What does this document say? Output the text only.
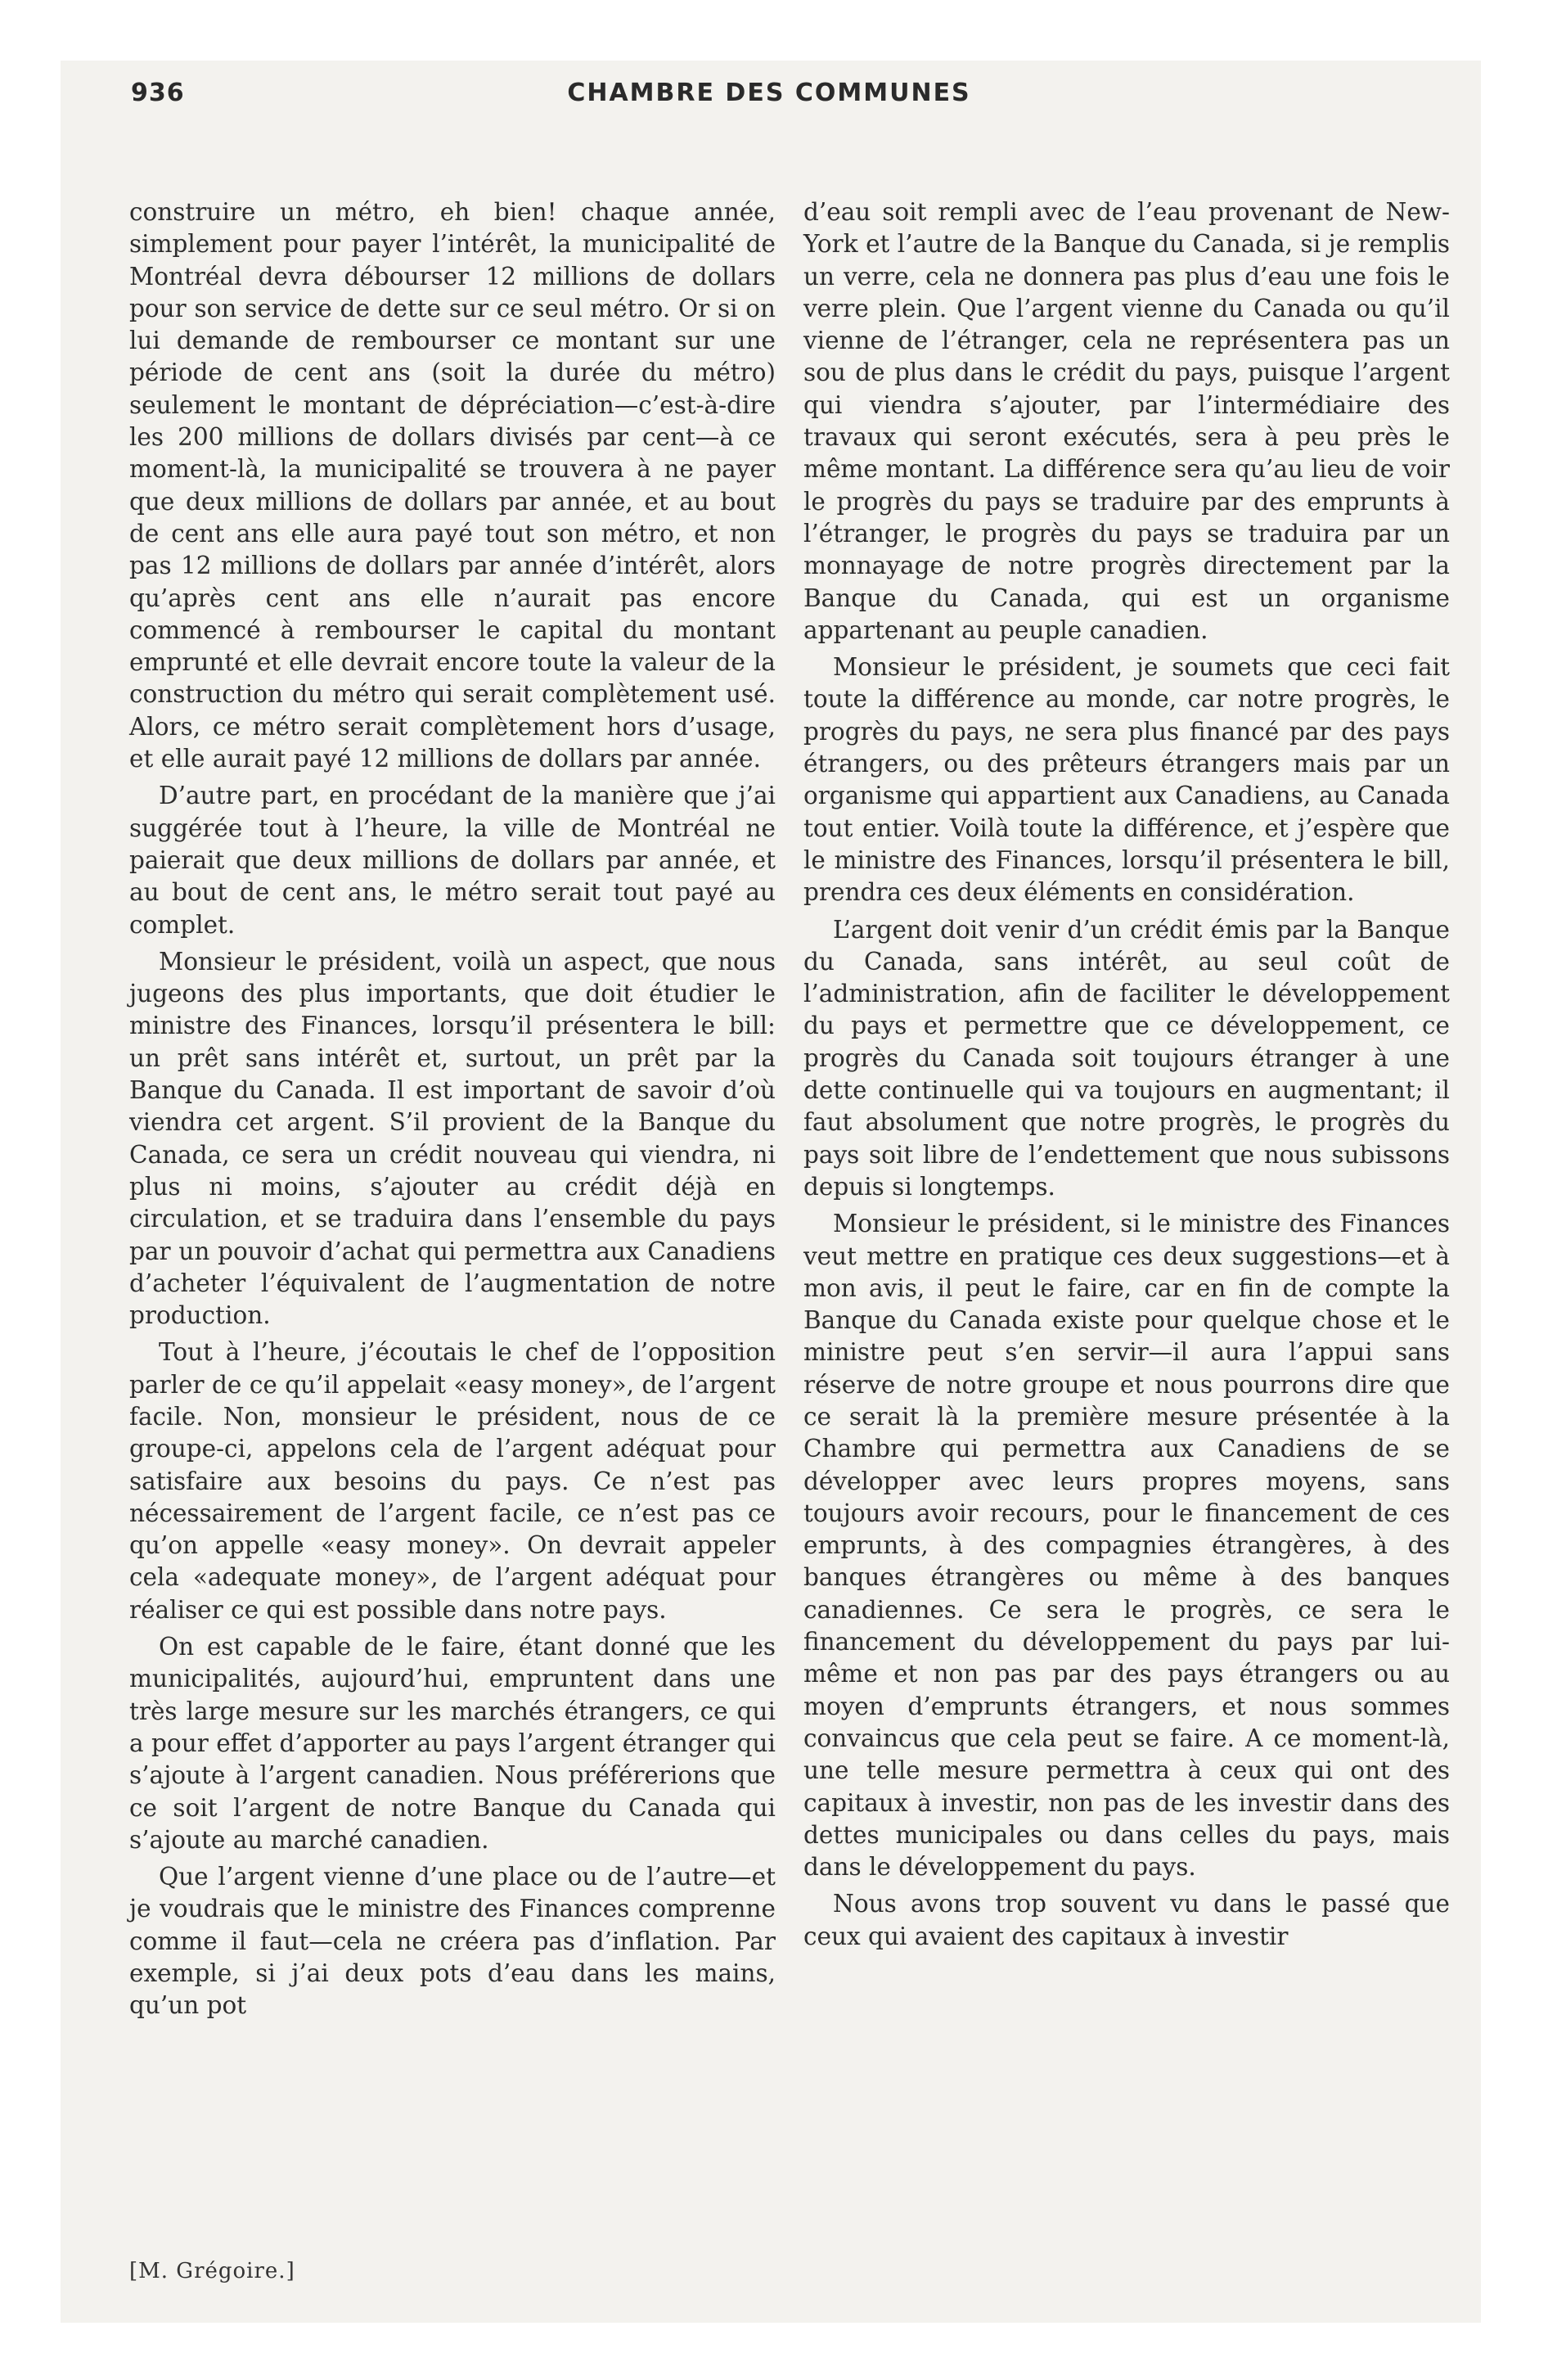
936	CHAMBRE DES COMMUNES

construire un métro, eh bien! chaque année, simplement pour payer l’intérêt, la municipalité de Montréal devra débourser 12 millions de dollars pour son service de dette sur ce seul métro. Or si on lui demande de rembourser ce montant sur une période de cent ans (soit la durée du métro) seulement le montant de dépréciation—c’est-à-dire les 200 millions de dollars divisés par cent—à ce moment-là, la municipalité se trouvera à ne payer que deux millions de dollars par année, et au bout de cent ans elle aura payé tout son métro, et non pas 12 millions de dollars par année d’intérêt, alors qu’après cent ans elle n’aurait pas encore commencé à rembourser le capital du montant emprunté et elle devrait encore toute la valeur de la construction du métro qui serait complètement usé. Alors, ce métro serait complètement hors d’usage, et elle aurait payé 12 millions de dollars par année.

D’autre part, en procédant de la manière que j’ai suggérée tout à l’heure, la ville de Montréal ne paierait que deux millions de dollars par année, et au bout de cent ans, le métro serait tout payé au complet.

Monsieur le président, voilà un aspect, que nous jugeons des plus importants, que doit étudier le ministre des Finances, lorsqu’il présentera le bill: un prêt sans intérêt et, surtout, un prêt par la Banque du Canada. Il est important de savoir d’où viendra cet argent. S’il provient de la Banque du Canada, ce sera un crédit nouveau qui viendra, ni plus ni moins, s’ajouter au crédit déjà en circulation, et se traduira dans l’ensemble du pays par un pouvoir d’achat qui permettra aux Canadiens d’acheter l’équivalent de l’augmentation de notre production.

Tout à l’heure, j’écoutais le chef de l’opposition parler de ce qu’il appelait «easy money», de l’argent facile. Non, monsieur le président, nous de ce groupe-ci, appelons cela de l’argent adéquat pour satisfaire aux besoins du pays. Ce n’est pas nécessairement de l’argent facile, ce n’est pas ce qu’on appelle «easy money». On devrait appeler cela «adequate money», de l’argent adéquat pour réaliser ce qui est possible dans notre pays.

On est capable de le faire, étant donné que les municipalités, aujourd’hui, empruntent dans une très large mesure sur les marchés étrangers, ce qui a pour effet d’apporter au pays l’argent étranger qui s’ajoute à l’argent canadien. Nous préférerions que ce soit l’argent de notre Banque du Canada qui s’ajoute au marché canadien.

Que l’argent vienne d’une place ou de l’autre—et je voudrais que le ministre des Finances comprenne comme il faut—cela ne créera pas d’inflation. Par exemple, si j’ai deux pots d’eau dans les mains, qu’un pot

d’eau soit rempli avec de l’eau provenant de New-York et l’autre de la Banque du Canada, si je remplis un verre, cela ne donnera pas plus d’eau une fois le verre plein. Que l’argent vienne du Canada ou qu’il vienne de l’étranger, cela ne représentera pas un sou de plus dans le crédit du pays, puisque l’argent qui viendra s’ajouter, par l’intermédiaire des travaux qui seront exécutés, sera à peu près le même montant. La différence sera qu’au lieu de voir le progrès du pays se traduire par des emprunts à l’étranger, le progrès du pays se traduira par un monnayage de notre progrès directement par la Banque du Canada, qui est un organisme appartenant au peuple canadien.

Monsieur le président, je soumets que ceci fait toute la différence au monde, car notre progrès, le progrès du pays, ne sera plus financé par des pays étrangers, ou des prêteurs étrangers mais par un organisme qui appartient aux Canadiens, au Canada tout entier. Voilà toute la différence, et j’espère que le ministre des Finances, lorsqu’il présentera le bill, prendra ces deux éléments en considération.

L’argent doit venir d’un crédit émis par la Banque du Canada, sans intérêt, au seul coût de l’administration, afin de faciliter le développement du pays et permettre que ce développement, ce progrès du Canada soit toujours étranger à une dette continuelle qui va toujours en augmentant; il faut absolument que notre progrès, le progrès du pays soit libre de l’endettement que nous subissons depuis si longtemps.

Monsieur le président, si le ministre des Finances veut mettre en pratique ces deux suggestions—et à mon avis, il peut le faire, car en fin de compte la Banque du Canada existe pour quelque chose et le ministre peut s’en servir—il aura l’appui sans réserve de notre groupe et nous pourrons dire que ce serait là la première mesure présentée à la Chambre qui permettra aux Canadiens de se développer avec leurs propres moyens, sans toujours avoir recours, pour le financement de ces emprunts, à des compagnies étrangères, à des banques étrangères ou même à des banques canadiennes. Ce sera le progrès, ce sera le financement du développement du pays par lui-même et non pas par des pays étrangers ou au moyen d’emprunts étrangers, et nous sommes convaincus que cela peut se faire. A ce moment-là, une telle mesure permettra à ceux qui ont des capitaux à investir, non pas de les investir dans des dettes municipales ou dans celles du pays, mais dans le développement du pays.

Nous avons trop souvent vu dans le passé que ceux qui avaient des capitaux à investir

[M. Grégoire.]
